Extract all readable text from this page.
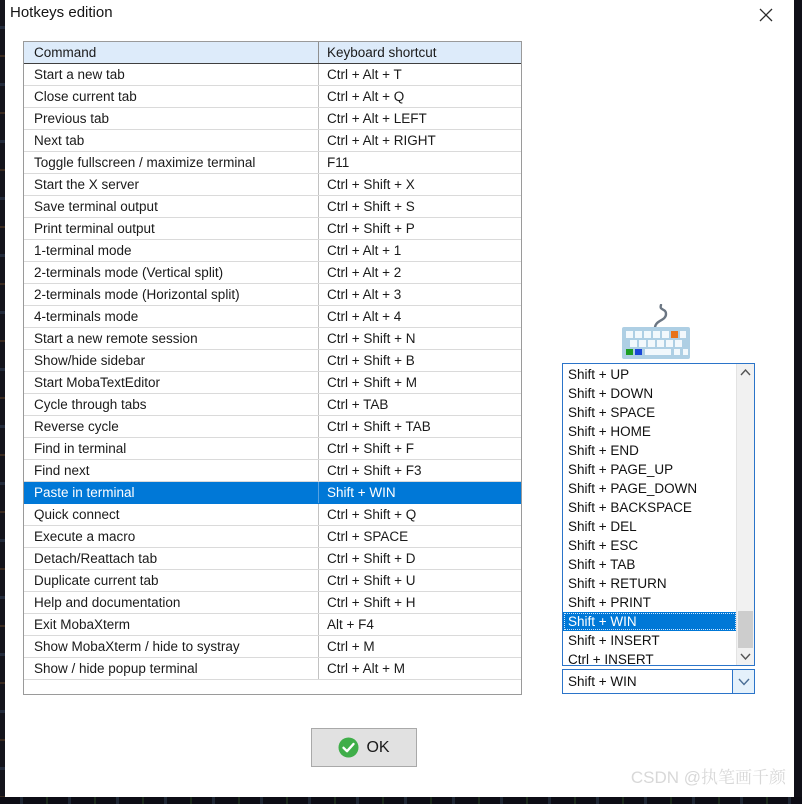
Hotkeys edition
Command	Keyboard shortcut
Start a new tab	Ctrl + Alt + T
Close current tab	Ctrl + Alt + Q
Previous tab	Ctrl + Alt + LEFT
Next tab	Ctrl + Alt + RIGHT
Toggle fullscreen / maximize terminal	F11
Start the X server	Ctrl + Shift + X
Save terminal output	Ctrl + Shift + S
Print terminal output	Ctrl + Shift + P
1-terminal mode	Ctrl + Alt + 1
2-terminals mode (Vertical split)	Ctrl + Alt + 2
2-terminals mode (Horizontal split)	Ctrl + Alt + 3
4-terminals mode	Ctrl + Alt + 4
Start a new remote session	Ctrl + Shift + N
Show/hide sidebar	Ctrl + Shift + B
Start MobaTextEditor	Ctrl + Shift + M
Cycle through tabs	Ctrl + TAB
Reverse cycle	Ctrl + Shift + TAB
Find in terminal	Ctrl + Shift + F
Find next	Ctrl + Shift + F3
Paste in terminal	Shift + WIN
Quick connect	Ctrl + Shift + Q
Execute a macro	Ctrl + SPACE
Detach/Reattach tab	Ctrl + Shift + D
Duplicate current tab	Ctrl + Shift + U
Help and documentation	Ctrl + Shift + H
Exit MobaXterm	Alt + F4
Show MobaXterm / hide to systray	Ctrl + M
Show / hide popup terminal	Ctrl + Alt + M
Shift + UP
Shift + DOWN
Shift + SPACE
Shift + HOME
Shift + END
Shift + PAGE_UP
Shift + PAGE_DOWN
Shift + BACKSPACE
Shift + DEL
Shift + ESC
Shift + TAB
Shift + RETURN
Shift + PRINT
Shift + WIN
Shift + INSERT
Ctrl + INSERT
Shift + WIN
OK
CSDN @执笔画千颜
